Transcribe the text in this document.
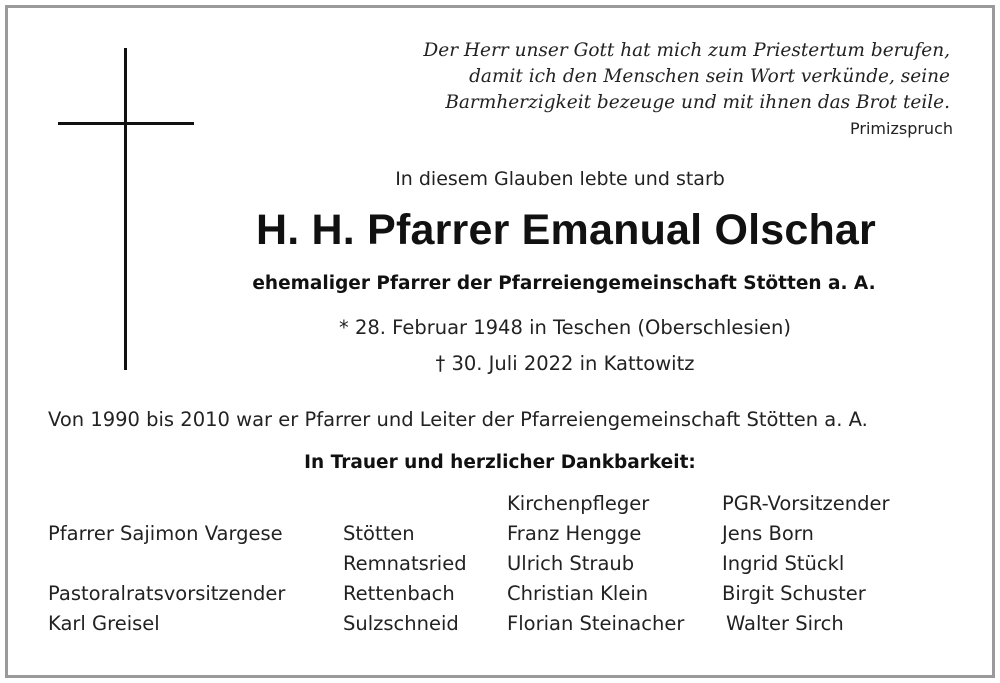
Der Herr unser Gott hat mich zum Priestertum berufen,
damit ich den Menschen sein Wort verkünde, seine
Barmherzigkeit bezeuge und mit ihnen das Brot teile.
Primizspruch
In diesem Glauben lebte und starb
H. H. Pfarrer Emanual Olschar
ehemaliger Pfarrer der Pfarreiengemeinschaft Stötten a. A.
* 28. Februar 1948 in Teschen (Oberschlesien)
† 30. Juli 2022 in Kattowitz
Von 1990 bis 2010 war er Pfarrer und Leiter der Pfarreiengemeinschaft Stötten a. A.
In Trauer und herzlicher Dankbarkeit:
Pfarrer Sajimon Vargese
Pastoralratsvorsitzender
Karl Greisel
Stötten
Remnatsried
Rettenbach
Sulzschneid
Kirchenpfleger
Franz Hengge
Ulrich Straub
Christian Klein
Florian Steinacher
PGR-Vorsitzender
Jens Born
Ingrid Stückl
Birgit Schuster
Walter Sirch
